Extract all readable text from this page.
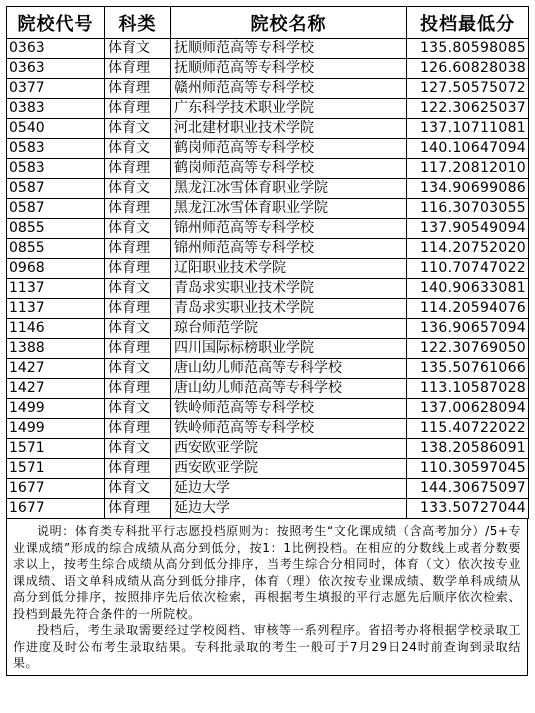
院校代号	科类	院校名称	投档最低分
0363	体育文	抚顺师范高等专科学校	135.80598085
0363	体育理	抚顺师范高等专科学校	126.60828038
0377	体育理	赣州师范高等专科学校	127.50575072
0383	体育理	广东科学技术职业学院	122.30625037
0540	体育文	河北建材职业技术学院	137.10711081
0583	体育文	鹤岗师范高等专科学校	140.10647094
0583	体育理	鹤岗师范高等专科学校	117.20812010
0587	体育文	黑龙江冰雪体育职业学院	134.90699086
0587	体育理	黑龙江冰雪体育职业学院	116.30703055
0855	体育文	锦州师范高等专科学校	137.90549094
0855	体育理	锦州师范高等专科学校	114.20752020
0968	体育理	辽阳职业技术学院	110.70747022
1137	体育文	青岛求实职业技术学院	140.90633081
1137	体育理	青岛求实职业技术学院	114.20594076
1146	体育文	琼台师范学院	136.90657094
1388	体育理	四川国际标榜职业学院	122.30769050
1427	体育文	唐山幼儿师范高等专科学校	135.50761066
1427	体育理	唐山幼儿师范高等专科学校	113.10587028
1499	体育文	铁岭师范高等专科学校	137.00628094
1499	体育理	铁岭师范高等专科学校	115.40722022
1571	体育文	西安欧亚学院	138.20586091
1571	体育理	西安欧亚学院	110.30597045
1677	体育文	延边大学	144.30675097
1677	体育理	延边大学	133.50727044

说明：体育类专科批平行志愿投档原则为：按照考生“文化课成绩（含高考加分）/5+专业课成绩”形成的综合成绩从高分到低分，按1：1比例投档。在相应的分数线上或者分数要求以上，按考生综合成绩从高分到低分排序，当考生综合分相同时，体育（文）依次按专业课成绩、语文单科成绩从高分到低分排序，体育（理）依次按专业课成绩、数学单科成绩从高分到低分排序，按照排序先后依次检索，再根据考生填报的平行志愿先后顺序依次检索、投档到最先符合条件的一所院校。

投档后，考生录取需要经过学校阅档、审核等一系列程序。省招考办将根据学校录取工作进度及时公布考生录取结果。专科批录取的考生一般可于7月29日24时前查询到录取结果。
